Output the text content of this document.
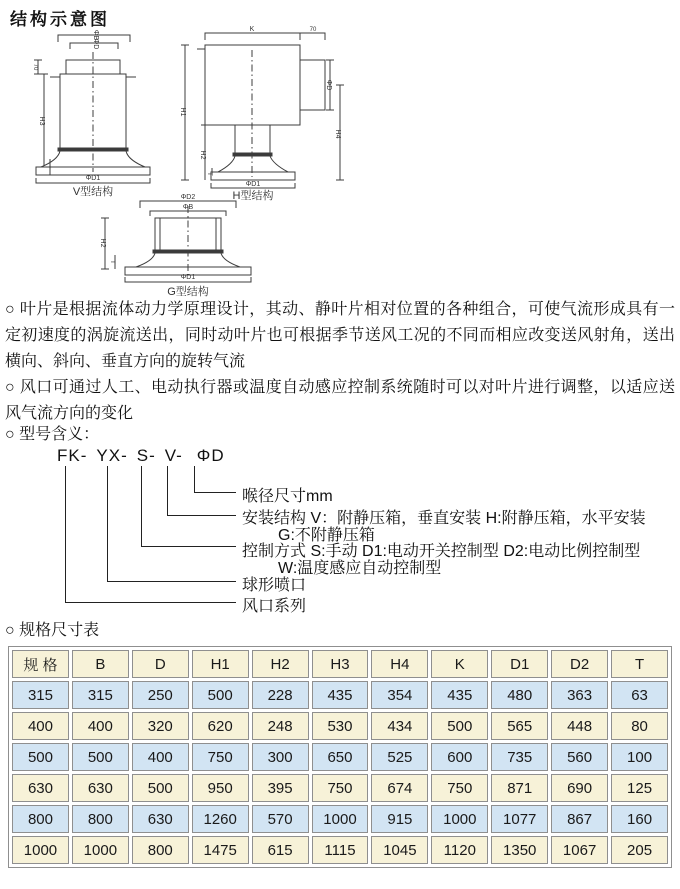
结构示意图
ΦB
ΦD
70
H3
T
ΦD1
V型结构
K	70
ΦD
H4
H1
H2
T
ΦD1
H型结构
ΦD2
ΦB
H2
T
ΦD1
G型结构
○ 叶片是根据流体动力学原理设计，其动、静叶片相对位置的各种组合，可使气流形成具有一定初速度的涡旋流送出，同时动叶片也可根据季节送风工况的不同而相应改变送风射角，送出横向、斜向、垂直方向的旋转气流
○ 风口可通过人工、电动执行器或温度自动感应控制系统随时可以对叶片进行调整，以适应送风气流方向的变化
○ 型号含义：
FK- YX- S- V- ΦD
喉径尺寸mm
安装结构 V：附静压箱，垂直安装 H:附静压箱，水平安装
G:不附静压箱
控制方式 S:手动 D1:电动开关控制型 D2:电动比例控制型
W:温度感应自动控制型
球形喷口
风口系列
○ 规格尺寸表
规 格	B	D	H1	H2	H3	H4	K	D1	D2	T
315	315	250	500	228	435	354	435	480	363	63
400	400	320	620	248	530	434	500	565	448	80
500	500	400	750	300	650	525	600	735	560	100
630	630	500	950	395	750	674	750	871	690	125
800	800	630	1260	570	1000	915	1000	1077	867	160
1000	1000	800	1475	615	1115	1045	1120	1350	1067	205
